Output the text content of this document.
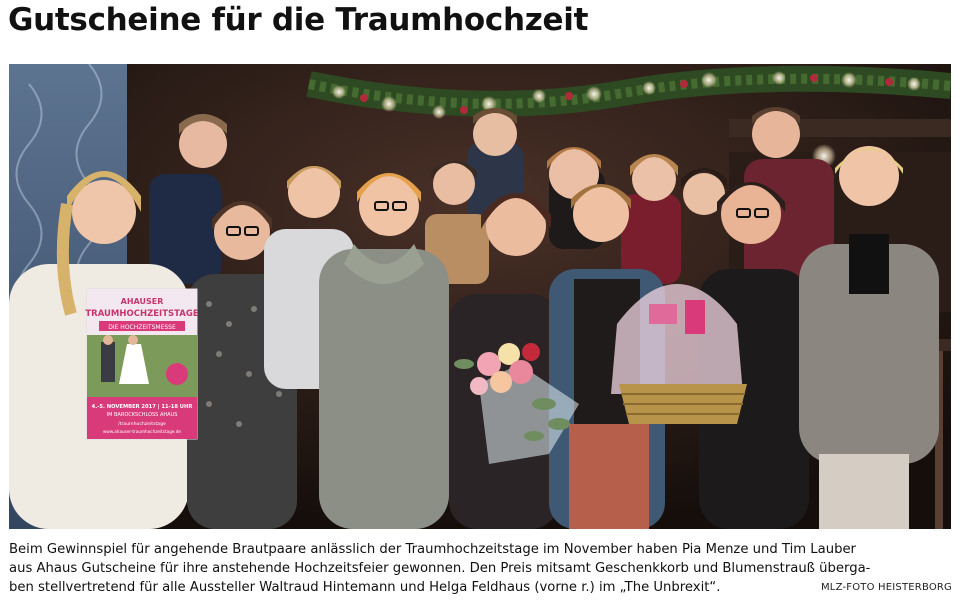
Gutscheine für die Traumhochzeit
AHAUSER
TRAUMHOCHZEITSTAGE
DIE HOCHZEITSMESSE
4.-5. NOVEMBER 2017 | 11-18 UHR
IM BAROCKSCHLOSS AHAUS
/traumhochzeitstage
www.ahauser-traumhochzeitstage.de

Beim Gewinnspiel für angehende Brautpaare anlässlich der Traumhochzeitstage im November haben Pia Menze und Tim Lauber

aus Ahaus Gutscheine für ihre anstehende Hochzeitsfeier gewonnen. Den Preis mitsamt Geschenkkorb und Blumenstrauß überga-

ben stellvertretend für alle Aussteller Waltraud Hintemann und Helga Feldhaus (vorne r.) im „The Unbrexit“.	MLZ-FOTO HEISTERBORG
